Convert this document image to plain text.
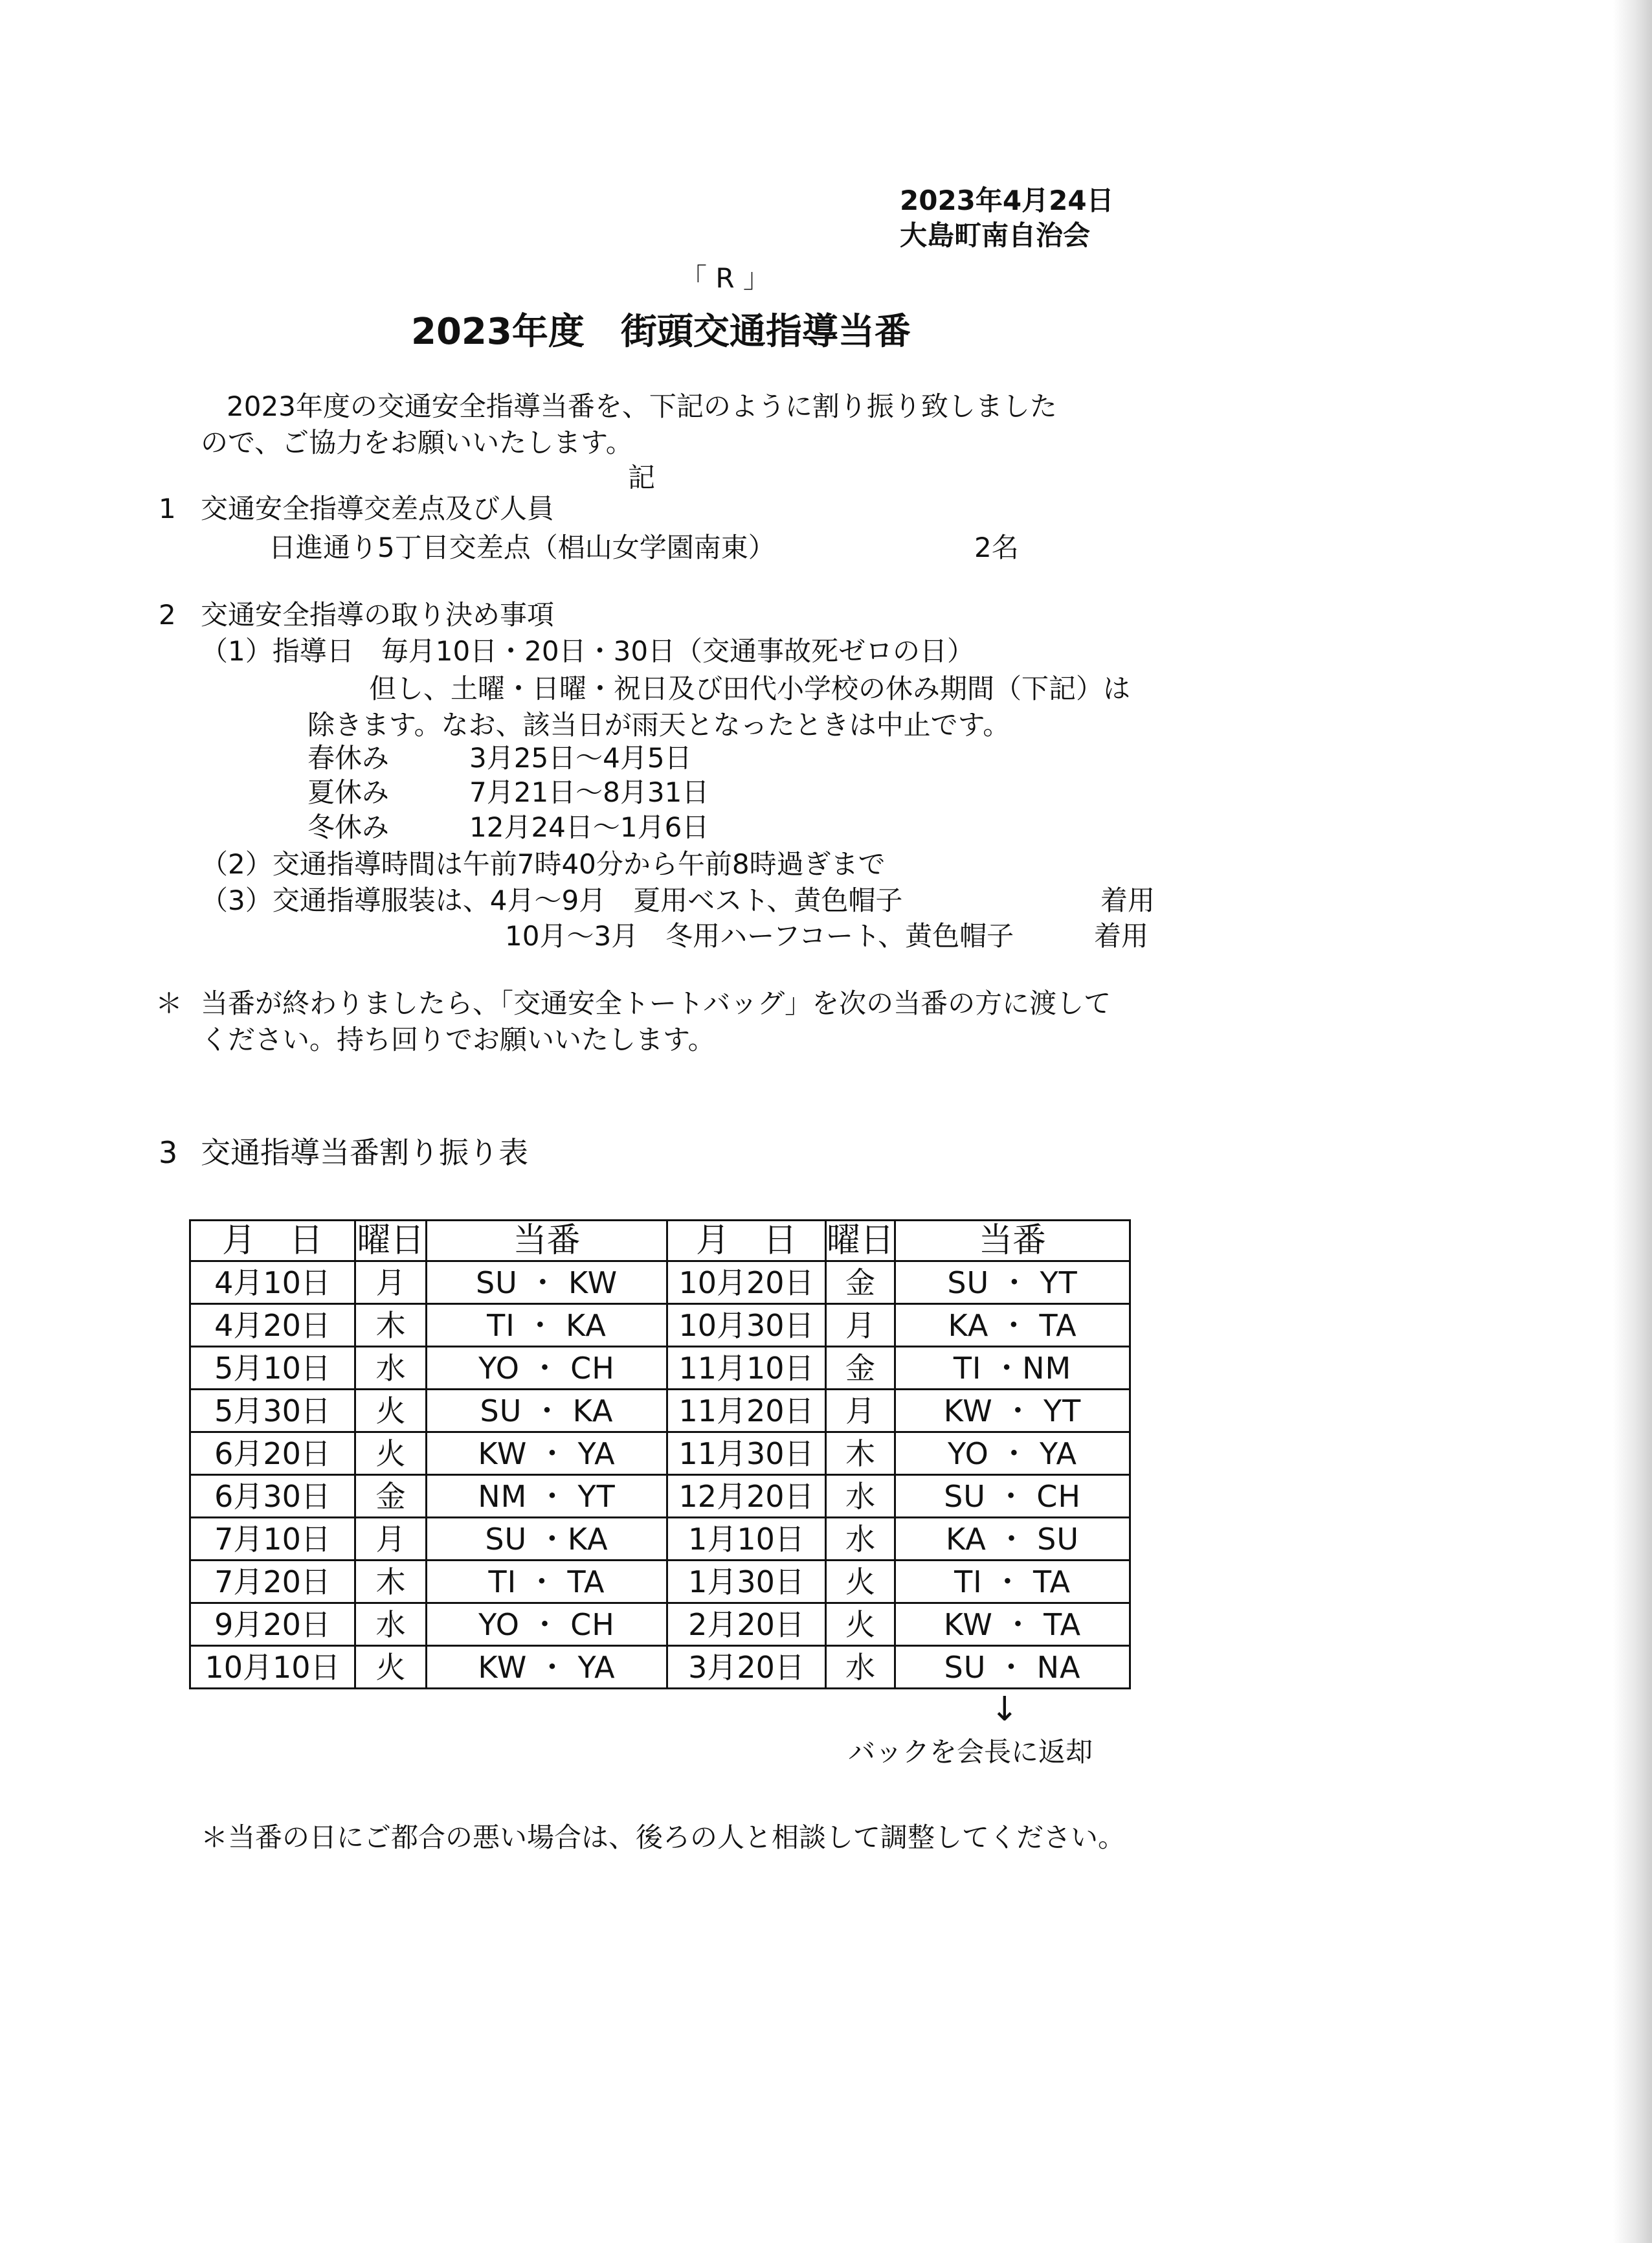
2023年4月24日
大島町南自治会
「 R 」
2023年度　街頭交通指導当番
2023年度の交通安全指導当番を、下記のように割り振り致しました
ので、ご協力をお願いいたします。
記
1 交通安全指導交差点及び人員
日進通り5丁目交差点（椙山女学園南東）	2名
2 交通安全指導の取り決め事項
（1）指導日　毎月10日・20日・30日（交通事故死ゼロの日）
但し、土曜・日曜・祝日及び田代小学校の休み期間（下記）は
除きます。なお、該当日が雨天となったときは中止です。
春休み	3月25日～4月5日
夏休み	7月21日～8月31日
冬休み	12月24日～1月6日
（2）交通指導時間は午前7時40分から午前8時過ぎまで
（3）交通指導服装は、4月～9月　夏用ベスト、黄色帽子	着用
10月～3月　冬用ハーフコート、黄色帽子	着用
＊ 当番が終わりましたら、「交通安全トートバッグ」を次の当番の方に渡して
ください。持ち回りでお願いいたします。
3 交通指導当番割り振り表
月　日	曜日	当番	月　日	曜日	当番
4月10日	月	SU ・ KW	10月20日	金	SU ・ YT
4月20日	木	TI ・ KA	10月30日	月	KA ・ TA
5月10日	水	YO ・ CH	11月10日	金	TI ・NM
5月30日	火	SU ・ KA	11月20日	月	KW ・ YT
6月20日	火	KW ・ YA	11月30日	木	YO ・ YA
6月30日	金	NM ・ YT	12月20日	水	SU ・ CH
7月10日	月	SU ・KA	1月10日	水	KA ・ SU
7月20日	木	TI ・ TA	1月30日	火	TI ・ TA
9月20日	水	YO ・ CH	2月20日	火	KW ・ TA
10月10日	火	KW ・ YA	3月20日	水	SU ・ NA
↓
バックを会長に返却
＊当番の日にご都合の悪い場合は、後ろの人と相談して調整してください。
